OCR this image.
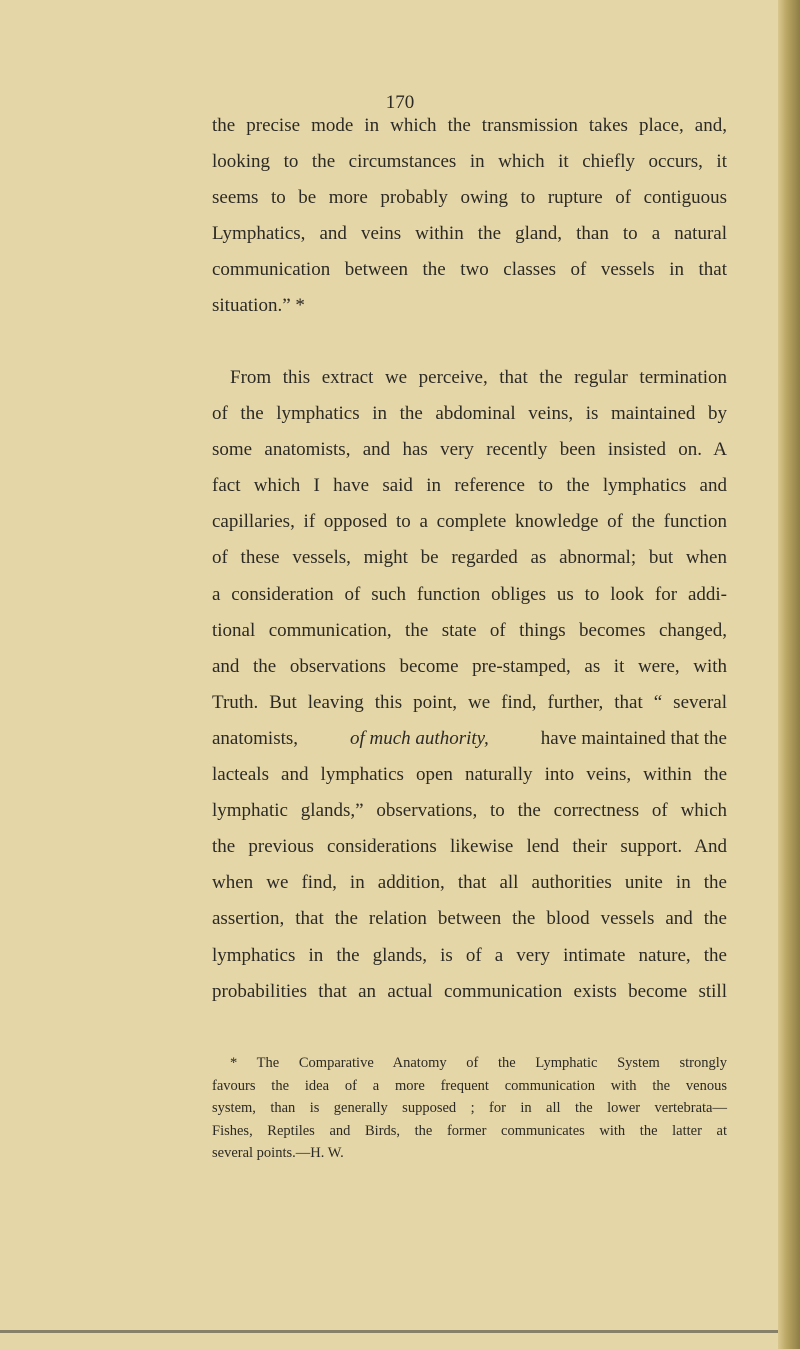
170
the precise mode in which the transmission takes place, and,
looking to the circumstances in which it chiefly occurs, it
seems to be more probably owing to rupture of contiguous
Lymphatics, and veins within the gland, than to a natural
communication between the two classes of vessels in that
situation.” *
From this extract we perceive, that the regular termination
of the lymphatics in the abdominal veins, is maintained by
some anatomists, and has very recently been insisted on. A
fact which I have said in reference to the lymphatics and
capillaries, if opposed to a complete knowledge of the function
of these vessels, might be regarded as abnormal; but when
a consideration of such function obliges us to look for addi-
tional communication, the state of things becomes changed,
and the observations become pre-stamped, as it were, with
Truth. But leaving this point, we find, further, that “ several
anatomists,	of much authority,	have maintained that the
lacteals and lymphatics open naturally into veins, within the
lymphatic glands,” observations, to the correctness of which
the previous considerations likewise lend their support. And
when we find, in addition, that all authorities unite in the
assertion, that the relation between the blood vessels and the
lymphatics in the glands, is of a very intimate nature, the
probabilities that an actual communication exists become still
* The Comparative Anatomy of the Lymphatic System strongly
favours the idea of a more frequent communication with the venous
system, than is generally supposed ; for in all the lower vertebrata—
Fishes, Reptiles and Birds, the former communicates with the latter at
several points.—H. W.
